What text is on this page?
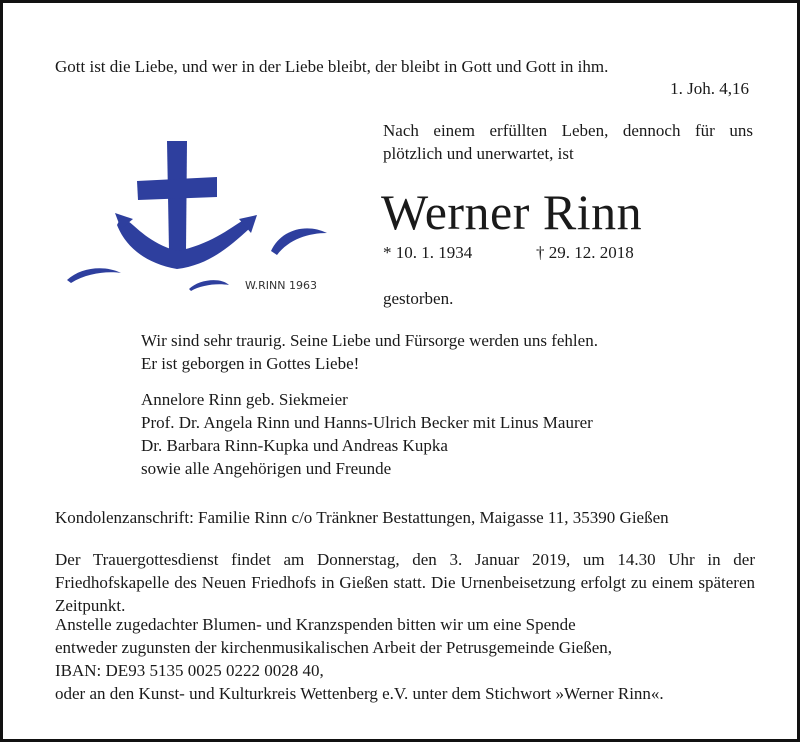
Gott ist die Liebe, und wer in der Liebe bleibt, der bleibt in Gott und Gott in ihm.

1. Joh. 4,16

W.RINN 1963

Nach einem erfüllten Leben, dennoch für uns plötzlich und unerwartet, ist

Werner Rinn

* 10. 1. 1934	† 29. 12. 2018

gestorben.

Wir sind sehr traurig. Seine Liebe und Fürsorge werden uns fehlen.
Er ist geborgen in Gottes Liebe!
Annelore Rinn geb. Siekmeier
Prof. Dr. Angela Rinn und Hanns-Ulrich Becker mit Linus Maurer
Dr. Barbara Rinn-Kupka und Andreas Kupka
sowie alle Angehörigen und Freunde

Kondolenzanschrift: Familie Rinn c/o Tränkner Bestattungen, Maigasse 11, 35390 Gießen

Der Trauergottesdienst findet am Donnerstag, den 3. Januar 2019, um 14.30 Uhr in der Friedhofskapelle des Neuen Friedhofs in Gießen statt. Die Urnenbeisetzung erfolgt zu einem späteren Zeitpunkt.

Anstelle zugedachter Blumen- und Kranzspenden bitten wir um eine Spende
entweder zugunsten der kirchenmusikalischen Arbeit der Petrusgemeinde Gießen,
IBAN: DE93 5135 0025 0222 0028 40,
oder an den Kunst- und Kulturkreis Wettenberg e.V. unter dem Stichwort »Werner Rinn«.
